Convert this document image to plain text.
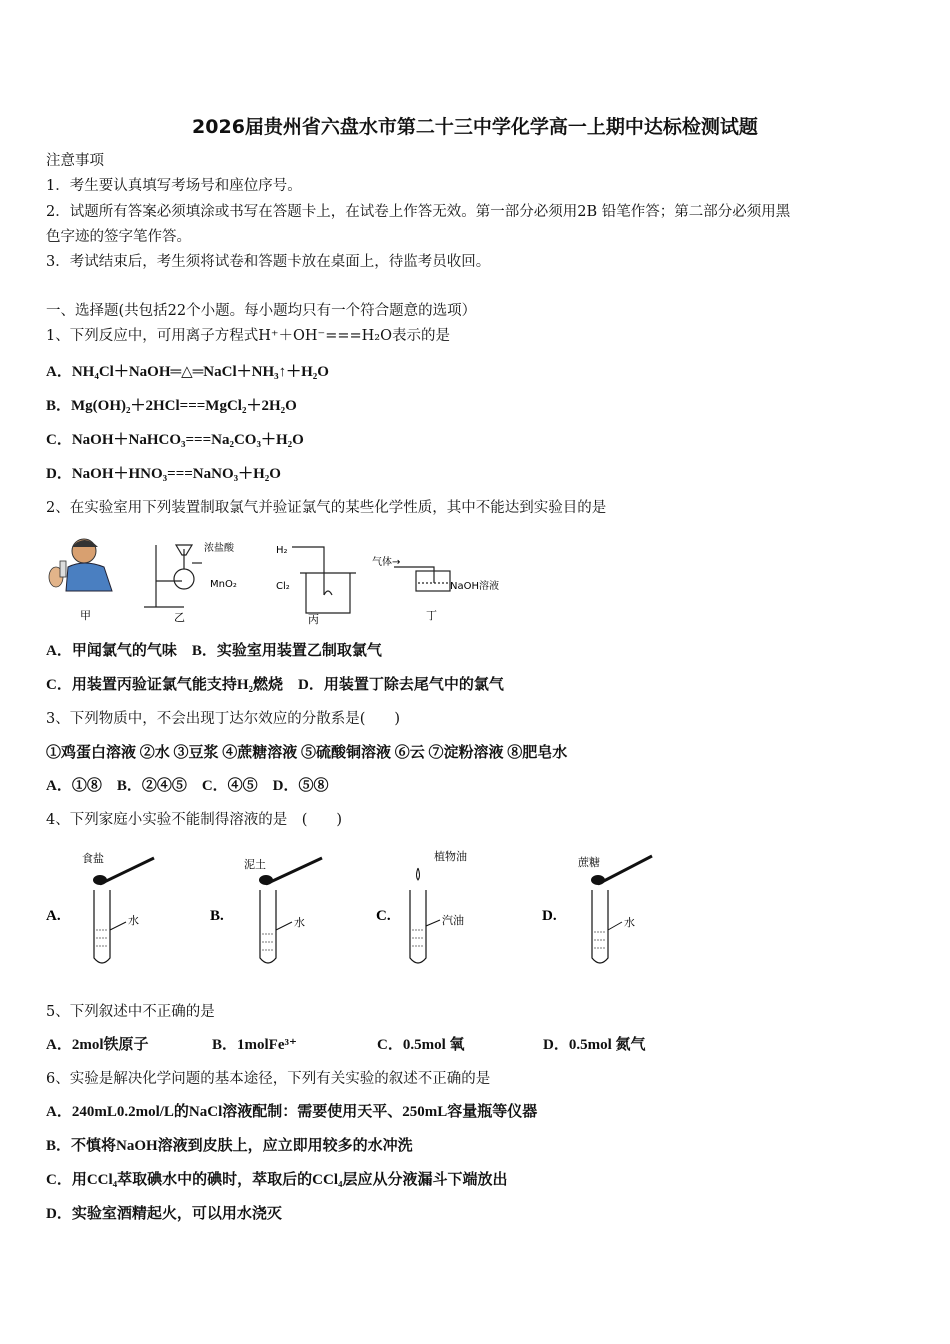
2026届贵州省六盘水市第二十三中学化学高一上期中达标检测试题
注意事项
1．考生要认真填写考场号和座位序号。
2．试题所有答案必须填涂或书写在答题卡上，在试卷上作答无效。第一部分必须用2B 铅笔作答；第二部分必须用黑
色字迹的签字笔作答。
3．考试结束后，考生须将试卷和答题卡放在桌面上，待监考员收回。
一、选择题(共包括22个小题。每小题均只有一个符合题意的选项）
1、下列反应中，可用离子方程式H⁺＋OH⁻===H₂O表示的是
A．NH₄Cl＋NaOH═△═NaCl＋NH₃↑＋H₂O
B．Mg(OH)₂＋2HCl===MgCl₂＋2H₂O
C．NaOH＋NaHCO₃===Na₂CO₃＋H₂O
D．NaOH＋HNO₃===NaNO₃＋H₂O
2、在实验室用下列装置制取氯气并验证氯气的某些化学性质，其中不能达到实验目的是
浓盐酸
MnO₂
H₂
Cl₂
气体→
NaOH溶液
甲	乙	丙	丁
A．甲闻氯气的气味　B．实验室用装置乙制取氯气
C．用装置丙验证氯气能支持H₂燃烧　D．用装置丁除去尾气中的氯气
3、下列物质中，不会出现丁达尔效应的分散系是(　　)
①鸡蛋白溶液 ②水 ③豆浆 ④蔗糖溶液 ⑤硫酸铜溶液 ⑥云 ⑦淀粉溶液 ⑧肥皂水
A．①⑧　B．②④⑤　C．④⑤　D．⑤⑧
4、下列家庭小实验不能制得溶液的是　(　　)
A.
食盐
水	B.
泥土
水	C.
植物油
汽油	D.
蔗糖
水
5、下列叙述中不正确的是
A．2mol铁原子	B．1molFe³⁺	C．0.5mol 氧	D．0.5mol 氮气
6、实验是解决化学问题的基本途径，下列有关实验的叙述不正确的是
A．240mL0.2mol/L的NaCl溶液配制：需要使用天平、250mL容量瓶等仪器
B．不慎将NaOH溶液到皮肤上，应立即用较多的水冲洗
C．用CCl₄萃取碘水中的碘时，萃取后的CCl₄层应从分液漏斗下端放出
D．实验室酒精起火，可以用水浇灭
